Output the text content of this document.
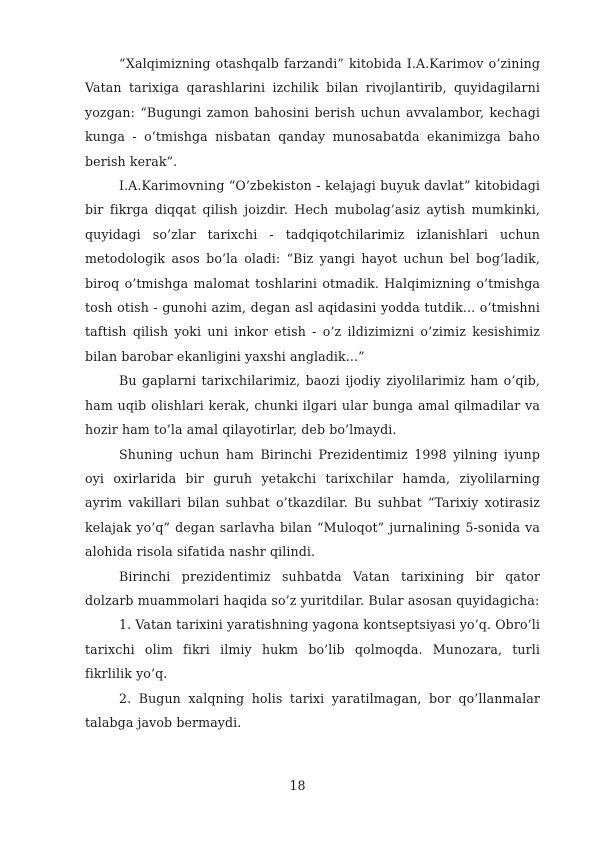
“Xalqimizning otashqalb farzandi” kitobida I.A.Karimov o’zining Vatan tarixiga qarashlarini izchilik bilan rivojlantirib, quyidagilarni yozgan: “Bugungi zamon bahosini berish uchun avvalambor, kechagi kunga - o’tmishga nisbatan qanday munosabatda ekanimizga baho berish kerak”.

I.A.Karimovning “O’zbekiston - kelajagi buyuk davlat” kitobidagi bir fikrga diqqat qilish joizdir. Hech mubolag’asiz aytish mumkinki, quyidagi so’zlar tarixchi - tadqiqotchilarimiz izlanishlari uchun metodologik asos bo’la oladi: “Biz yangi hayot uchun bel bog’ladik, biroq o’tmishga malomat toshlarini otmadik. Halqimizning o’tmishga tosh otish - gunohi azim, degan asl aqidasini yodda tutdik... o’tmishni taftish qilish yoki uni inkor etish - o’z ildizimizni o’zimiz kesishimiz bilan barobar ekanligini yaxshi angladik...”

Bu gaplarni tarixchilarimiz, baozi ijodiy ziyolilarimiz ham o’qib, ham uqib olishlari kerak, chunki ilgari ular bunga amal qilmadilar va hozir ham to’la amal qilayotirlar, deb bo’lmaydi.

Shuning uchun ham Birinchi Prezidentimiz 1998 yilning iyunp oyi oxirlarida bir guruh yetakchi tarixchilar hamda, ziyolilarning ayrim vakillari bilan suhbat o’tkazdilar. Bu suhbat “Tarixiy xotirasiz kelajak yo’q” degan sarlavha bilan “Muloqot” jurnalining 5-sonida va alohida risola sifatida nashr qilindi.

Birinchi prezidentimiz suhbatda Vatan tarixining bir qator dolzarb muammolari haqida so’z yuritdilar. Bular asosan quyidagicha:

1. Vatan tarixini yaratishning yagona kontseptsiyasi yo’q. Obro’li tarixchi olim fikri ilmiy hukm bo’lib qolmoqda. Munozara, turli fikrlilik yo’q.

2. Bugun xalqning holis tarixi yaratilmagan, bor qo’llanmalar talabga javob bermaydi.

18
